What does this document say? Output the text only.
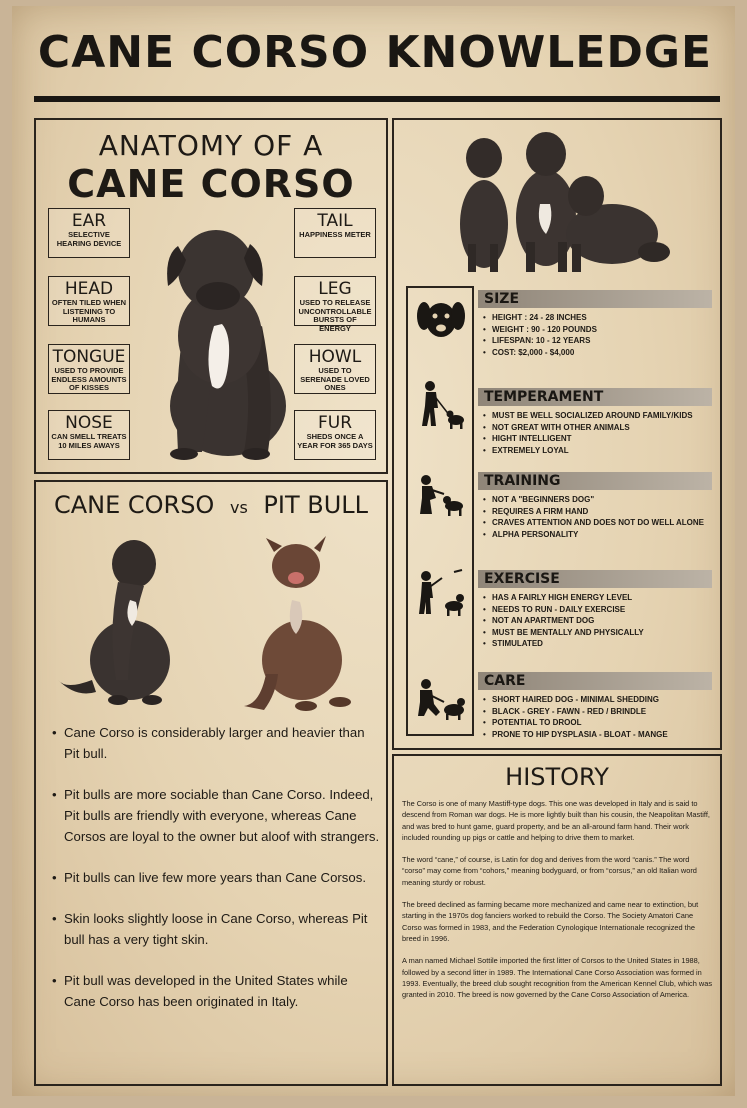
CANE CORSO KNOWLEDGE
ANATOMY OF A
CANE CORSO
EAR
SELECTIVE HEARING DEVICE
HEAD
OFTEN TILED WHEN LISTENING TO HUMANS
TONGUE
USED TO PROVIDE ENDLESS AMOUNTS OF KISSES
NOSE
CAN SMELL TREATS 10 MILES AWAYS
TAIL
HAPPINESS METER
LEG
USED TO RELEASE UNCONTROLLABLE BURSTS OF ENERGY
HOWL
USED TO SERENADE LOVED ONES
FUR
SHEDS ONCE A YEAR FOR 365 DAYS
SIZE
• HEIGHT : 24 - 28 INCHES
• WEIGHT : 90 - 120 POUNDS
• LIFESPAN: 10 - 12 YEARS
• COST: $2,000 - $4,000
TEMPERAMENT
• MUST BE WELL SOCIALIZED AROUND FAMILY/KIDS
• NOT GREAT WITH OTHER ANIMALS
• HIGHT INTELLIGENT
• EXTREMELY LOYAL
TRAINING
• NOT A "BEGINNERS DOG"
• REQUIRES A FIRM HAND
• CRAVES ATTENTION AND DOES NOT DO WELL ALONE
• ALPHA PERSONALITY
EXERCISE
• HAS A FAIRLY HIGH ENERGY LEVEL
• NEEDS TO RUN - DAILY EXERCISE
• NOT AN APARTMENT DOG
• MUST BE MENTALLY AND PHYSICALLY
• STIMULATED
CARE
• SHORT HAIRED DOG - MINIMAL SHEDDING
• BLACK - GREY - FAWN - RED / BRINDLE
• POTENTIAL TO DROOL
• PRONE TO HIP DYSPLASIA - BLOAT - MANGE
CANE CORSO vs PIT BULL
• Cane Corso is considerably larger and heavier than Pit bull.
• Pit bulls are more sociable than Cane Corso. Indeed, Pit bulls are friendly with everyone, whereas Cane Corsos are loyal to the owner but aloof with strangers.
• Pit bulls can live few more years than Cane Corsos.
• Skin looks slightly loose in Cane Corso, whereas Pit bull has a very tight skin.
• Pit bull was developed in the United States while Cane Corso has been originated in Italy.
HISTORY

The Corso is one of many Mastiff-type dogs. This one was developed in Italy and is said to descend from Roman war dogs. He is more lightly built than his cousin, the Neapolitan Mastiff, and was bred to hunt game, guard property, and be an all-around farm hand. Their work included rounding up pigs or cattle and helping to drive them to market.

The word “cane,” of course, is Latin for dog and derives from the word “canis.” The word “corso” may come from “cohors,” meaning bodyguard, or from “corsus,” an old Italian word meaning sturdy or robust.

The breed declined as farming became more mechanized and came near to extinction, but starting in the 1970s dog fanciers worked to rebuild the Corso. The Society Amatori Cane Corso was formed in 1983, and the Federation Cynologique Internationale recognized the breed in 1996.

A man named Michael Sottile imported the first litter of Corsos to the United States in 1988, followed by a second litter in 1989. The International Cane Corso Association was formed in 1993. Eventually, the breed club sought recognition from the American Kennel Club, which was granted in 2010. The breed is now governed by the Cane Corso Association of America.
